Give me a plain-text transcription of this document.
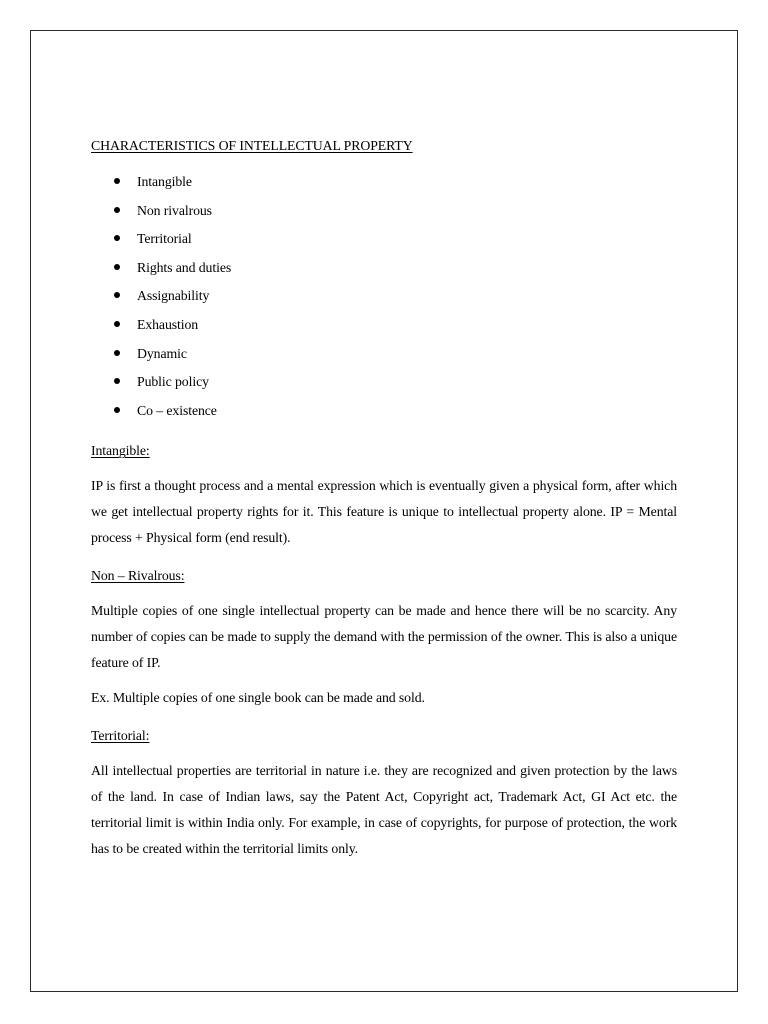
CHARACTERISTICS OF INTELLECTUAL PROPERTY
Intangible
Non rivalrous
Territorial
Rights and duties
Assignability
Exhaustion
Dynamic
Public policy
Co – existence
Intangible:

IP is first a thought process and a mental expression which is eventually given a physical form, after which we get intellectual property rights for it. This feature is unique to intellectual property alone. IP = Mental process + Physical form (end result).

Non – Rivalrous:

Multiple copies of one single intellectual property can be made and hence there will be no scarcity. Any number of copies can be made to supply the demand with the permission of the owner. This is also a unique feature of IP.

Ex. Multiple copies of one single book can be made and sold.

Territorial:

All intellectual properties are territorial in nature i.e. they are recognized and given protection by the laws of the land. In case of Indian laws, say the Patent Act, Copyright act, Trademark Act, GI Act etc. the territorial limit is within India only. For example, in case of copyrights, for purpose of protection, the work has to be created within the territorial limits only.
